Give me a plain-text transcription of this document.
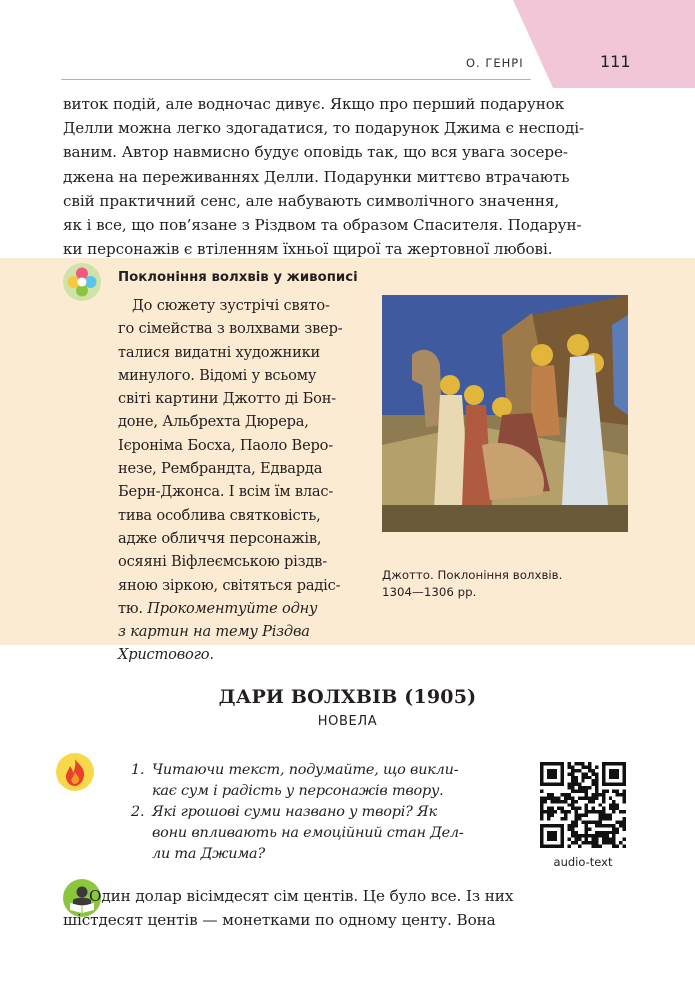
О. ГЕНРІ	111
виток подій, але водночас дивує. Якщо про перший подарунок
Делли можна легко здогадатися, то подарунок Джима є несподі-
ваним. Автор навмисно будує оповідь так, що вся увага зосере-
джена на переживаннях Делли. Подарунки миттєво втрачають
свій практичний сенс, але набувають символічного значення,
як і все, що пов’язане з Різдвом та образом Спасителя. Подарун-
ки персонажів є втіленням їхньої щирої та жертовної любові.
Поклоніння волхвів у живописі
До сюжету зустрічі свято-
го сімейства з волхвами звер-
талися видатні художники
минулого. Відомі у всьому
світі картини Джотто ді Бон-
доне, Альбрехта Дюрера,
Ієроніма Босха, Паоло Веро-
незе, Рембрандта, Едварда
Берн-Джонса. І всім їм влас-
тива особлива святковість,
адже обличчя персонажів,
осяяні Віфлеємською різдв-
яною зіркою, світяться радіс-
тю. Прокоментуйте одну
з картин на тему Різдва
Христового.
Джотто. Поклоніння волхвів.
1304—1306 рр.
ДАРИ ВОЛХВІВ (1905)
НОВЕЛА
1. Читаючи текст, подумайте, що викли-
кає сум і радість у персонажів твору.
2. Які грошові суми названо у творі? Як
вони впливають на емоційний стан Дел-
ли та Джима?	audio-text
Один долар вісімдесят сім центів. Це було все. Із них
шістдесят центів — монетками по одному центу. Вона
